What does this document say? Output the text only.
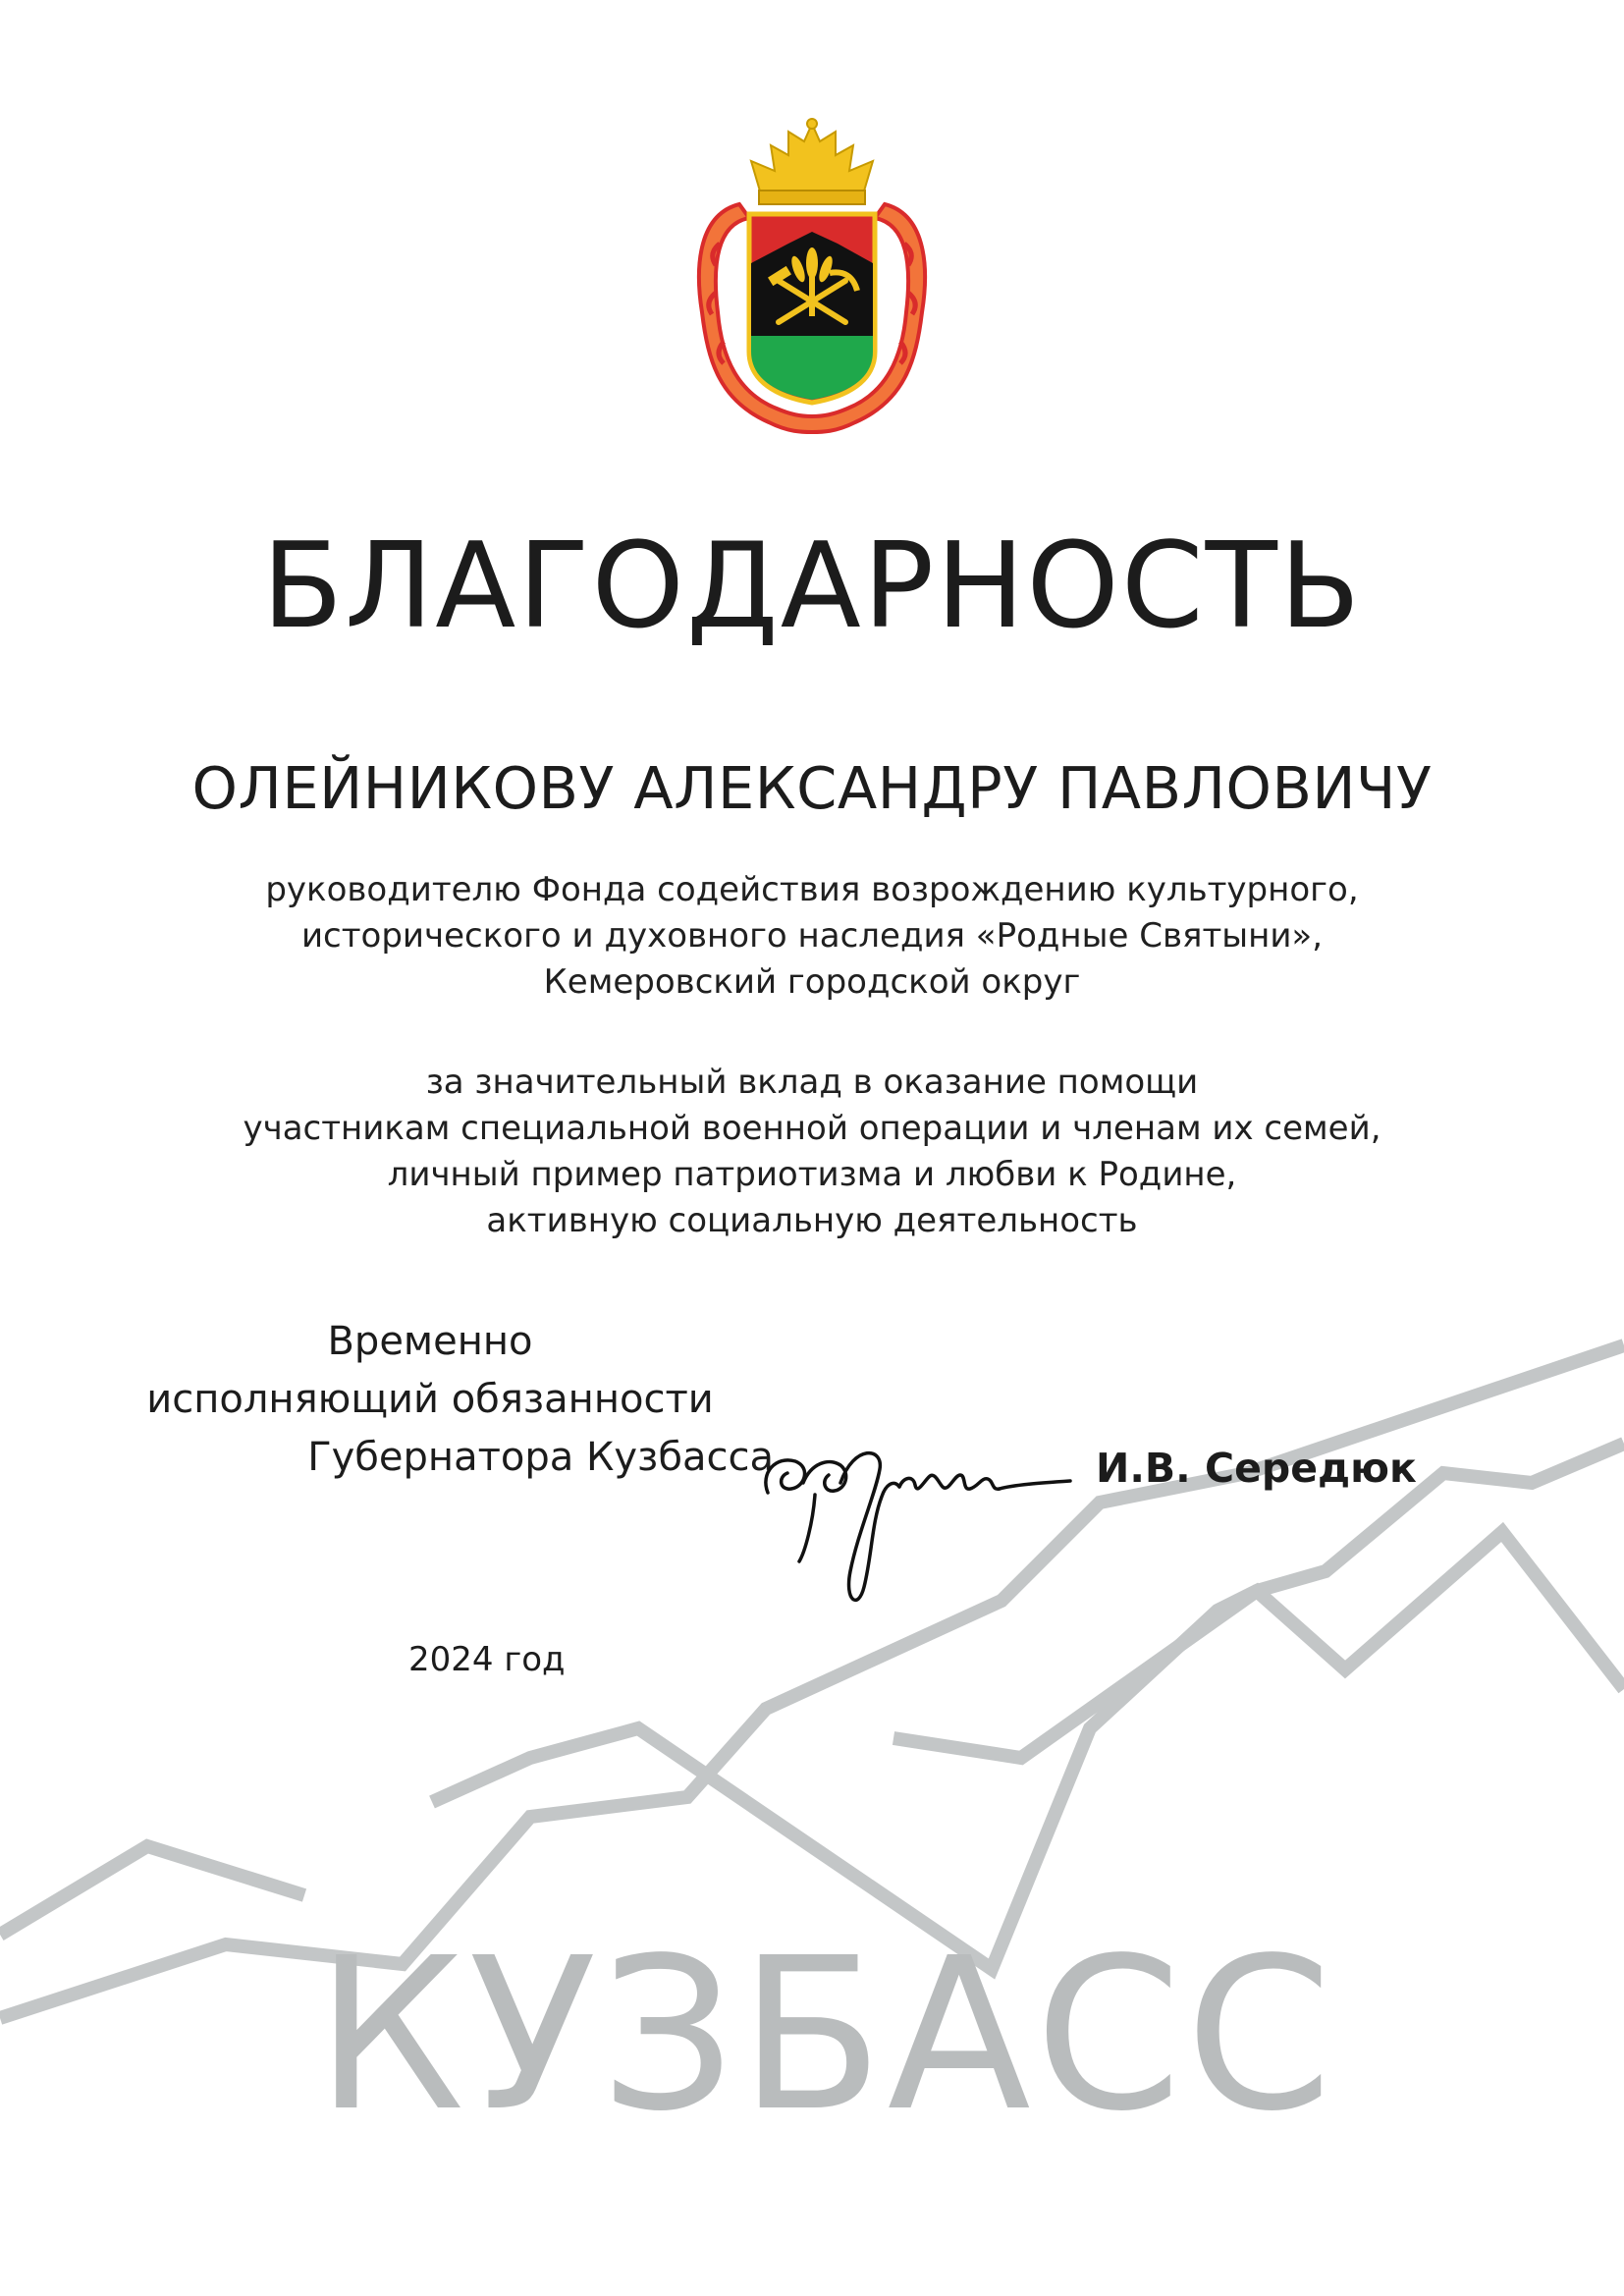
БЛАГОДАРНОСТЬ
ОЛЕЙНИКОВУ АЛЕКСАНДРУ ПАВЛОВИЧУ
руководителю Фонда содействия возрождению культурного,
исторического и духовного наследия «Родные Святыни»,
Кемеровский городской округ
за значительный вклад в оказание помощи
участникам специальной военной операции и членам их семей,
личный пример патриотизма и любви к Родине,
активную социальную деятельность
Временно
исполняющий обязанности
Губернатора Кузбасса	И.В. Середюк
2024 год
КУЗБАСС
